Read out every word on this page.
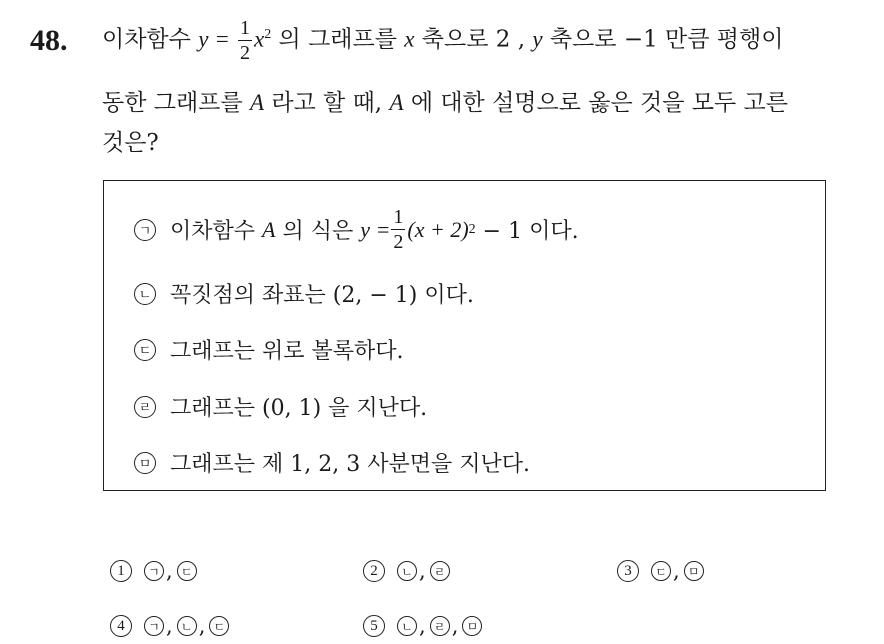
48. 이차함수 $y = \frac{1}{2} x^2$ 의 그래프를 x 축으로 2 , y 축으로 −1 만큼 평행이
동한 그래프를 A 라고 할 때, A 에 대한 설명으로 옳은 것을 모두 고른
것은?
ㄱ 이차함수
A
의 식은
y
= $\frac{1}{2} (x + 2)$ 2
− 1 이다.
ㄴ 꼭짓점의 좌표는 (2, − 1) 이다.
ㄷ 그래프는 위로 볼록하다.
ㄹ 그래프는 (0, 1) 을 지난다.
ㅁ 그래프는 제 1, 2, 3 사분면을 지난다.
1	ㄱ , ㄷ	2	ㄴ , ㄹ	3	ㄷ , ㅁ
4	ㄱ , ㄴ , ㄷ	5	ㄴ , ㄹ , ㅁ
